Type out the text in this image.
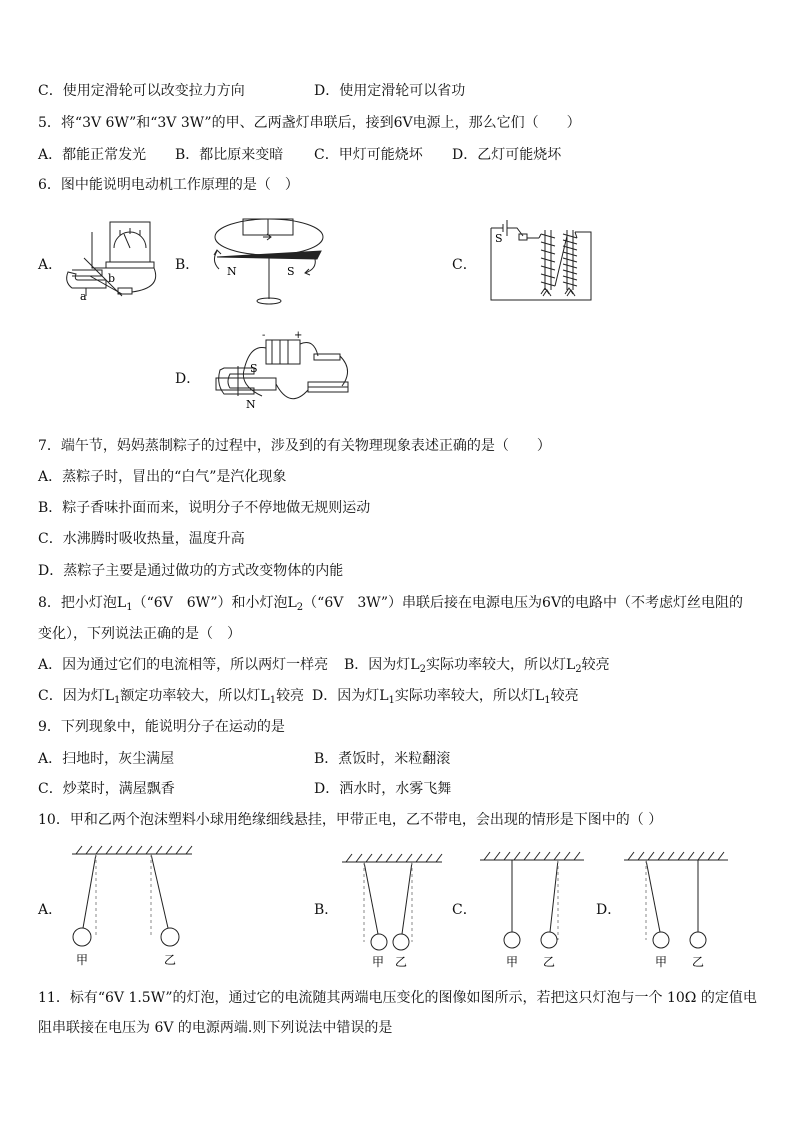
C．使用定滑轮可以改变拉力方向	D．使用定滑轮可以省功
5．将“3V 6W”和“3V 3W”的甲、乙两盏灯串联后，接到6V电源上，那么它们（　　）
A．都能正常发光 B．都比原来变暗 C．甲灯可能烧坏 D．乙灯可能烧坏
6．图中能说明电动机工作原理的是（　）
A．	B．	C．
D．
b
a
N	S
S
-	+
S
N
7．端午节，妈妈蒸制粽子的过程中，涉及到的有关物理现象表述正确的是（　　）
A．蒸粽子时，冒出的“白气”是汽化现象
B．粽子香味扑面而来，说明分子不停地做无规则运动
C．水沸腾时吸收热量，温度升高
D．蒸粽子主要是通过做功的方式改变物体的内能
8．把小灯泡$L_1(“6V$　6W”）和小灯泡$L_2(“6V$　3W”）串联后接在电源电压为6V的电路中（不考虑灯丝电阻的
变化），下列说法正确的是（　）
A．因为通过它们的电流相等，所以两灯一样亮 B．因为灯$L_2$实际功率较大，所以灯$L_2$较亮
C．因为灯$L_1$额定功率较大，所以灯$L_1$较亮 D．因为灯$L_1$实际功率较大，所以灯$L_1$较亮
9．下列现象中，能说明分子在运动的是
A．扫地时，灰尘满屋	B．煮饭时，米粒翻滚
C．炒菜时，满屋飘香	D．洒水时，水雾飞舞
10．甲和乙两个泡沫塑料小球用绝缘细线悬挂，甲带正电，乙不带电，会出现的情形是下图中的（ ）
A．	B．	C．	D．
甲	乙	甲 乙	甲 乙	甲 乙
11．标有“6V 1.5W”的灯泡，通过它的电流随其两端电压变化的图像如图所示，若把这只灯泡与一个 10Ω 的定值电
阻串联接在电压为 6V 的电源两端.则下列说法中错误的是
